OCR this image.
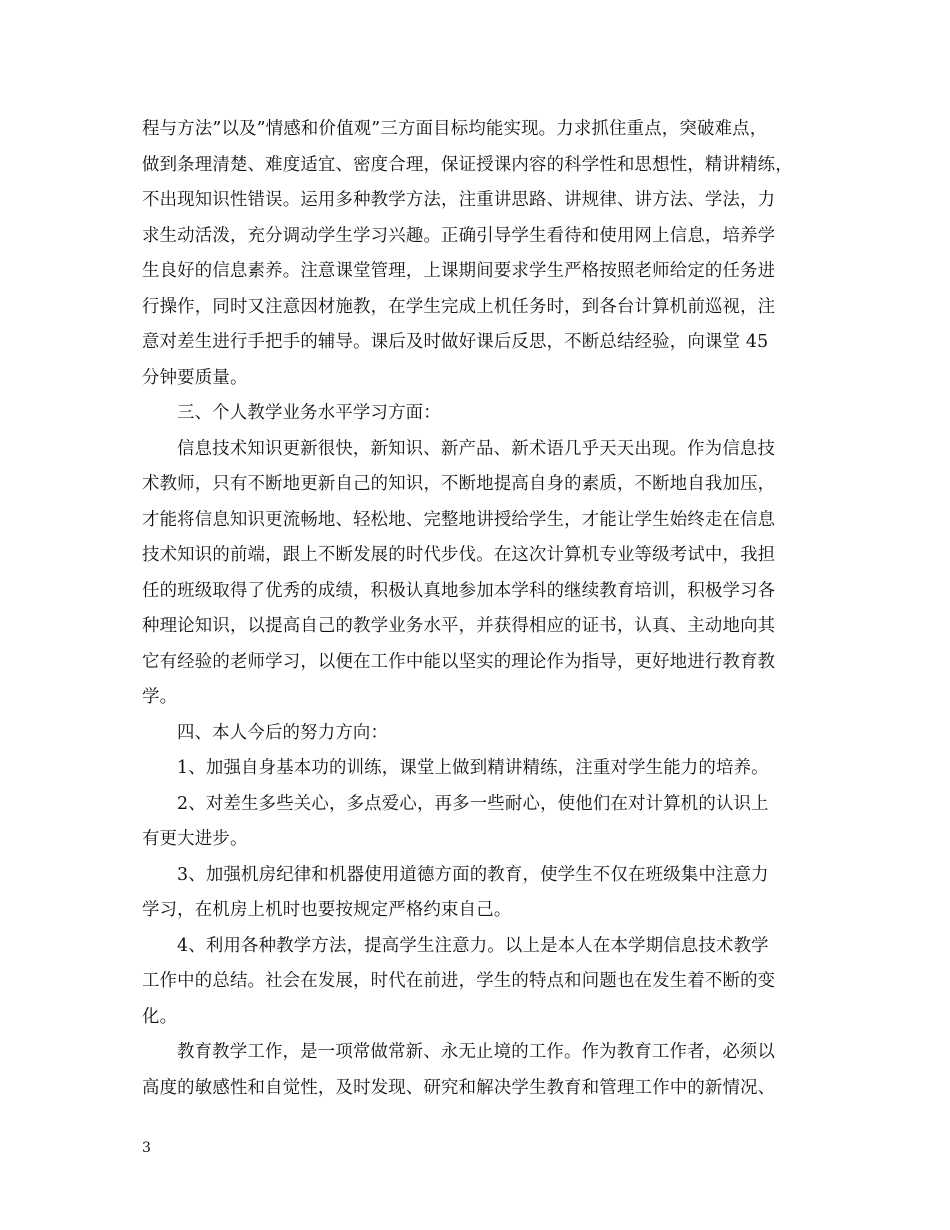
程与方法”以及”情感和价值观”三方面目标均能实现。力求抓住重点，突破难点，
做到条理清楚、难度适宜、密度合理，保证授课内容的科学性和思想性，精讲精练，
不出现知识性错误。运用多种教学方法，注重讲思路、讲规律、讲方法、学法，力
求生动活泼，充分调动学生学习兴趣。正确引导学生看待和使用网上信息，培养学
生良好的信息素养。注意课堂管理，上课期间要求学生严格按照老师给定的任务进
行操作，同时又注意因材施教，在学生完成上机任务时，到各台计算机前巡视，注
意对差生进行手把手的辅导。课后及时做好课后反思，不断总结经验，向课堂 45
分钟要质量。

三、个人教学业务水平学习方面：

信息技术知识更新很快，新知识、新产品、新术语几乎天天出现。作为信息技
术教师，只有不断地更新自己的知识，不断地提高自身的素质，不断地自我加压，
才能将信息知识更流畅地、轻松地、完整地讲授给学生，才能让学生始终走在信息
技术知识的前端，跟上不断发展的时代步伐。在这次计算机专业等级考试中，我担
任的班级取得了优秀的成绩，积极认真地参加本学科的继续教育培训，积极学习各
种理论知识，以提高自己的教学业务水平，并获得相应的证书，认真、主动地向其
它有经验的老师学习，以便在工作中能以坚实的理论作为指导，更好地进行教育教
学。

四、本人今后的努力方向：

1、加强自身基本功的训练，课堂上做到精讲精练，注重对学生能力的培养。

2、对差生多些关心，多点爱心，再多一些耐心，使他们在对计算机的认识上
有更大进步。

3、加强机房纪律和机器使用道德方面的教育，使学生不仅在班级集中注意力
学习，在机房上机时也要按规定严格约束自己。

4、利用各种教学方法，提高学生注意力。以上是本人在本学期信息技术教学
工作中的总结。社会在发展，时代在前进，学生的特点和问题也在发生着不断的变
化。

教育教学工作，是一项常做常新、永无止境的工作。作为教育工作者，必须以
高度的敏感性和自觉性，及时发现、研究和解决学生教育和管理工作中的新情况、

3
